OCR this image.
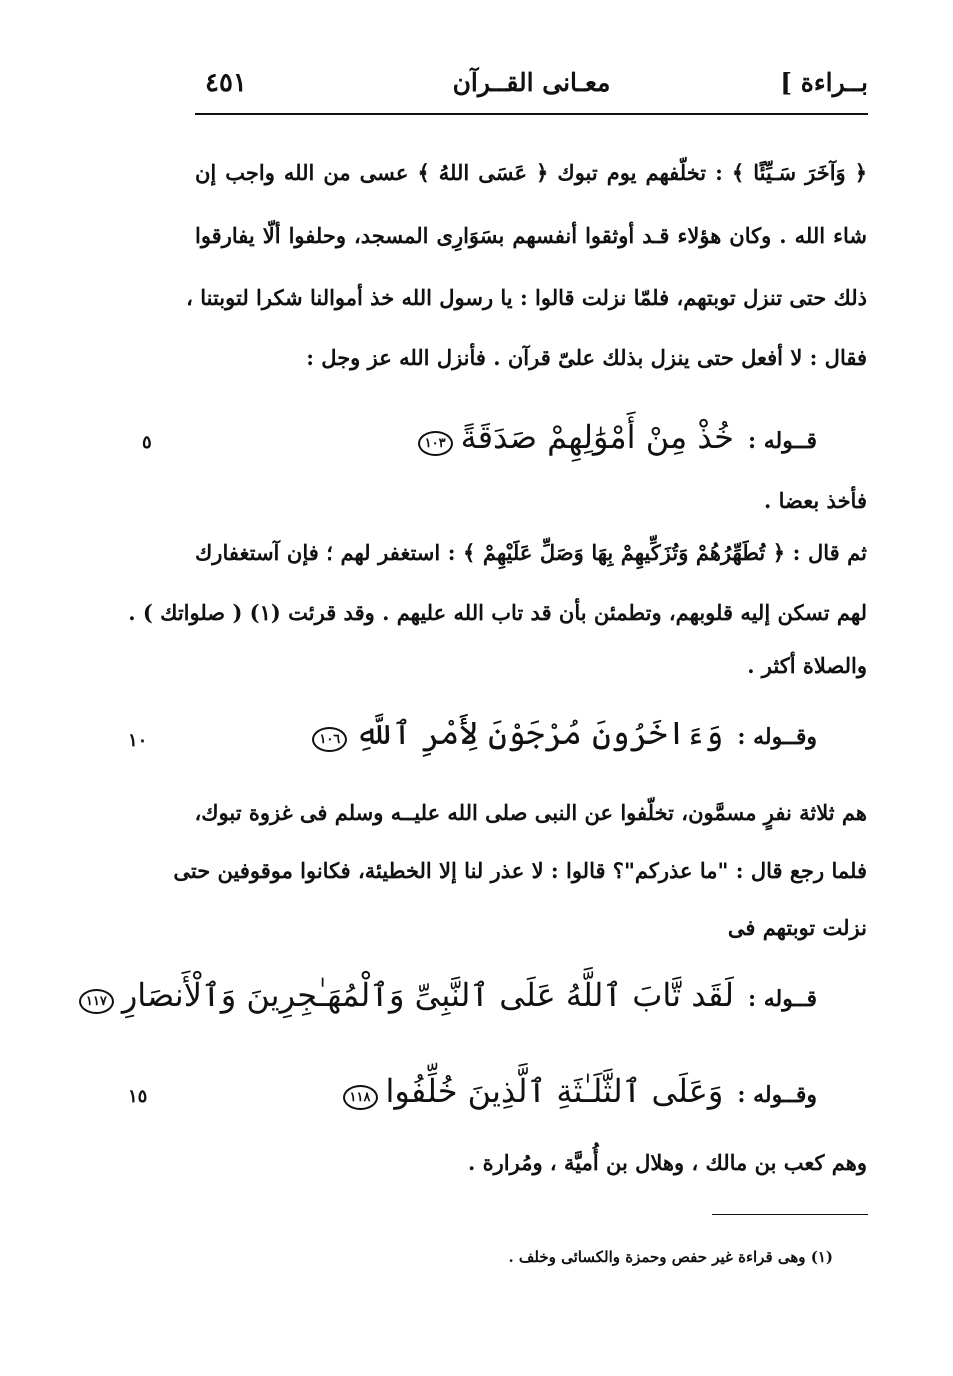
بــراءة ]
معـانى القــرآن
٤٥١
﴿ وَآخَرَ سَـيِّئًا ﴾ : تخلّفهم يوم تبوك ﴿ عَسَى اللهُ ﴾ عسى من الله واجب إن
شاء الله . وكان هؤلاء قـد أوثقوا أنفسهم بسَوَارِى المسجد، وحلفوا ألّا يفارقوا
ذلك حتى تنزل توبتهم، فلمّا نزلت قالوا : يا رسول الله خذ أموالنا شكرا لتوبتنا ،
فقال : لا أفعل حتى ينزل بذلك علىّ قرآن . فأنزل الله عز وجل :
قــوله :خُذْ مِنْ أَمْوَٰلِهِمْ صَدَقَةً١٠٣
٥
فأخذ بعضا .
ثم قال : ﴿ تُطَهِّرُهُمْ وَتُزَكِّيهِمْ بِهَا وَصَلِّ عَلَيْهِمْ ﴾ : استغفر لهم ؛ فإن آستغفارك
لهم تسكن إليه قلوبهم، وتطمئن بأن قد تاب الله عليهم . وقد قرئت (١) ( صلواتك ) .
والصلاة أكثر .
وقــوله :وَءَاخَرُونَ مُرْجَوْنَ لِأَمْرِ ٱللَّهِ١٠٦
١٠
هم ثلاثة نفرٍ مسمَّون، تخلّفوا عن النبى صلى الله عليــه وسلم فى غزوة تبوك،
فلما رجع قال : "ما عذركم"؟ قالوا : لا عذر لنا إلا الخطيئة، فكانوا موقوفين حتى
نزلت توبتهم فى
قــوله :لَقَد تَّابَ ٱللَّهُ عَلَى ٱلنَّبِىِّ وَٱلْمُهَـٰجِرِينَ وَٱلْأَنصَارِ١١٧
وقــوله :وَعَلَى ٱلثَّلَـٰثَةِ ٱلَّذِينَ خُلِّفُوا١١٨
١٥
وهم كعب بن مالك ، وهلال بن أُميَّة ، ومُرارة .
(١) وهى قراءة غير حفص وحمزة والكسائى وخلف .
